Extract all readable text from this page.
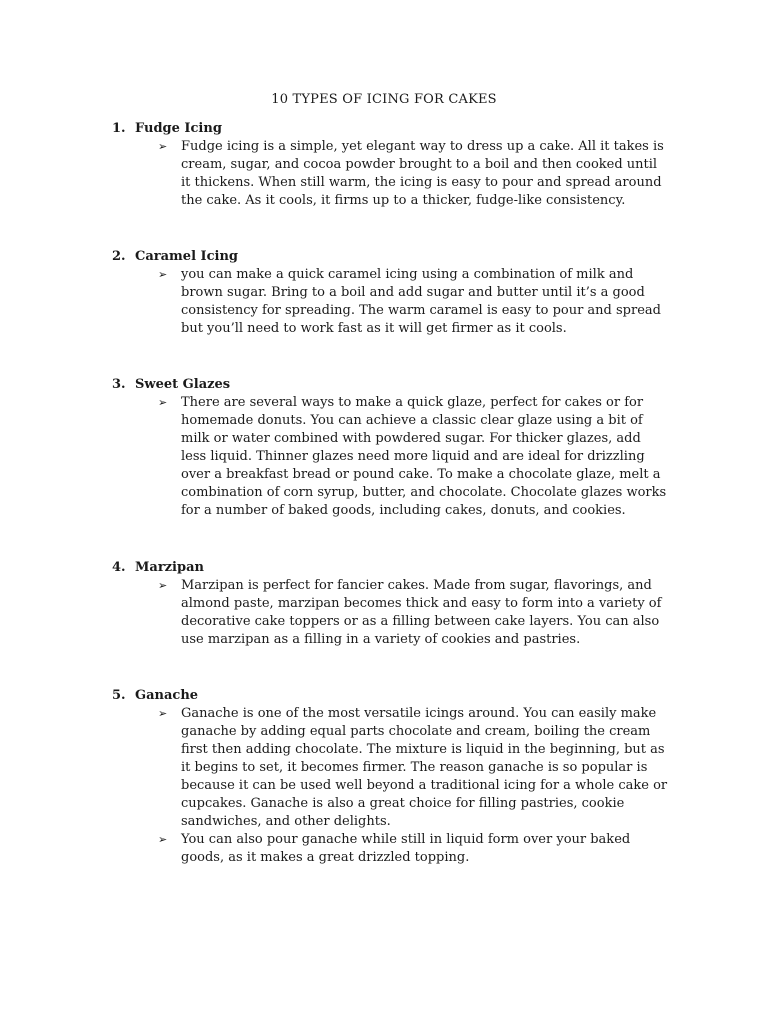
10 TYPES OF ICING FOR CAKES
1. Fudge Icing
➢ Fudge icing is a simple, yet elegant way to dress up a cake. All it takes is
cream, sugar, and cocoa powder brought to a boil and then cooked until
it thickens. When still warm, the icing is easy to pour and spread around
the cake. As it cools, it firms up to a thicker, fudge-like consistency.
2. Caramel Icing
➢ you can make a quick caramel icing using a combination of milk and
brown sugar. Bring to a boil and add sugar and butter until it’s a good
consistency for spreading. The warm caramel is easy to pour and spread
but you’ll need to work fast as it will get firmer as it cools.
3. Sweet Glazes
➢ There are several ways to make a quick glaze, perfect for cakes or for
homemade donuts. You can achieve a classic clear glaze using a bit of
milk or water combined with powdered sugar. For thicker glazes, add
less liquid. Thinner glazes need more liquid and are ideal for drizzling
over a breakfast bread or pound cake. To make a chocolate glaze, melt a
combination of corn syrup, butter, and chocolate. Chocolate glazes works
for a number of baked goods, including cakes, donuts, and cookies.
4. Marzipan
➢ Marzipan is perfect for fancier cakes. Made from sugar, flavorings, and
almond paste, marzipan becomes thick and easy to form into a variety of
decorative cake toppers or as a filling between cake layers. You can also
use marzipan as a filling in a variety of cookies and pastries.
5. Ganache
➢ Ganache is one of the most versatile icings around. You can easily make
ganache by adding equal parts chocolate and cream, boiling the cream
first then adding chocolate. The mixture is liquid in the beginning, but as
it begins to set, it becomes firmer. The reason ganache is so popular is
because it can be used well beyond a traditional icing for a whole cake or
cupcakes. Ganache is also a great choice for filling pastries, cookie
sandwiches, and other delights.
➢ You can also pour ganache while still in liquid form over your baked
goods, as it makes a great drizzled topping.
